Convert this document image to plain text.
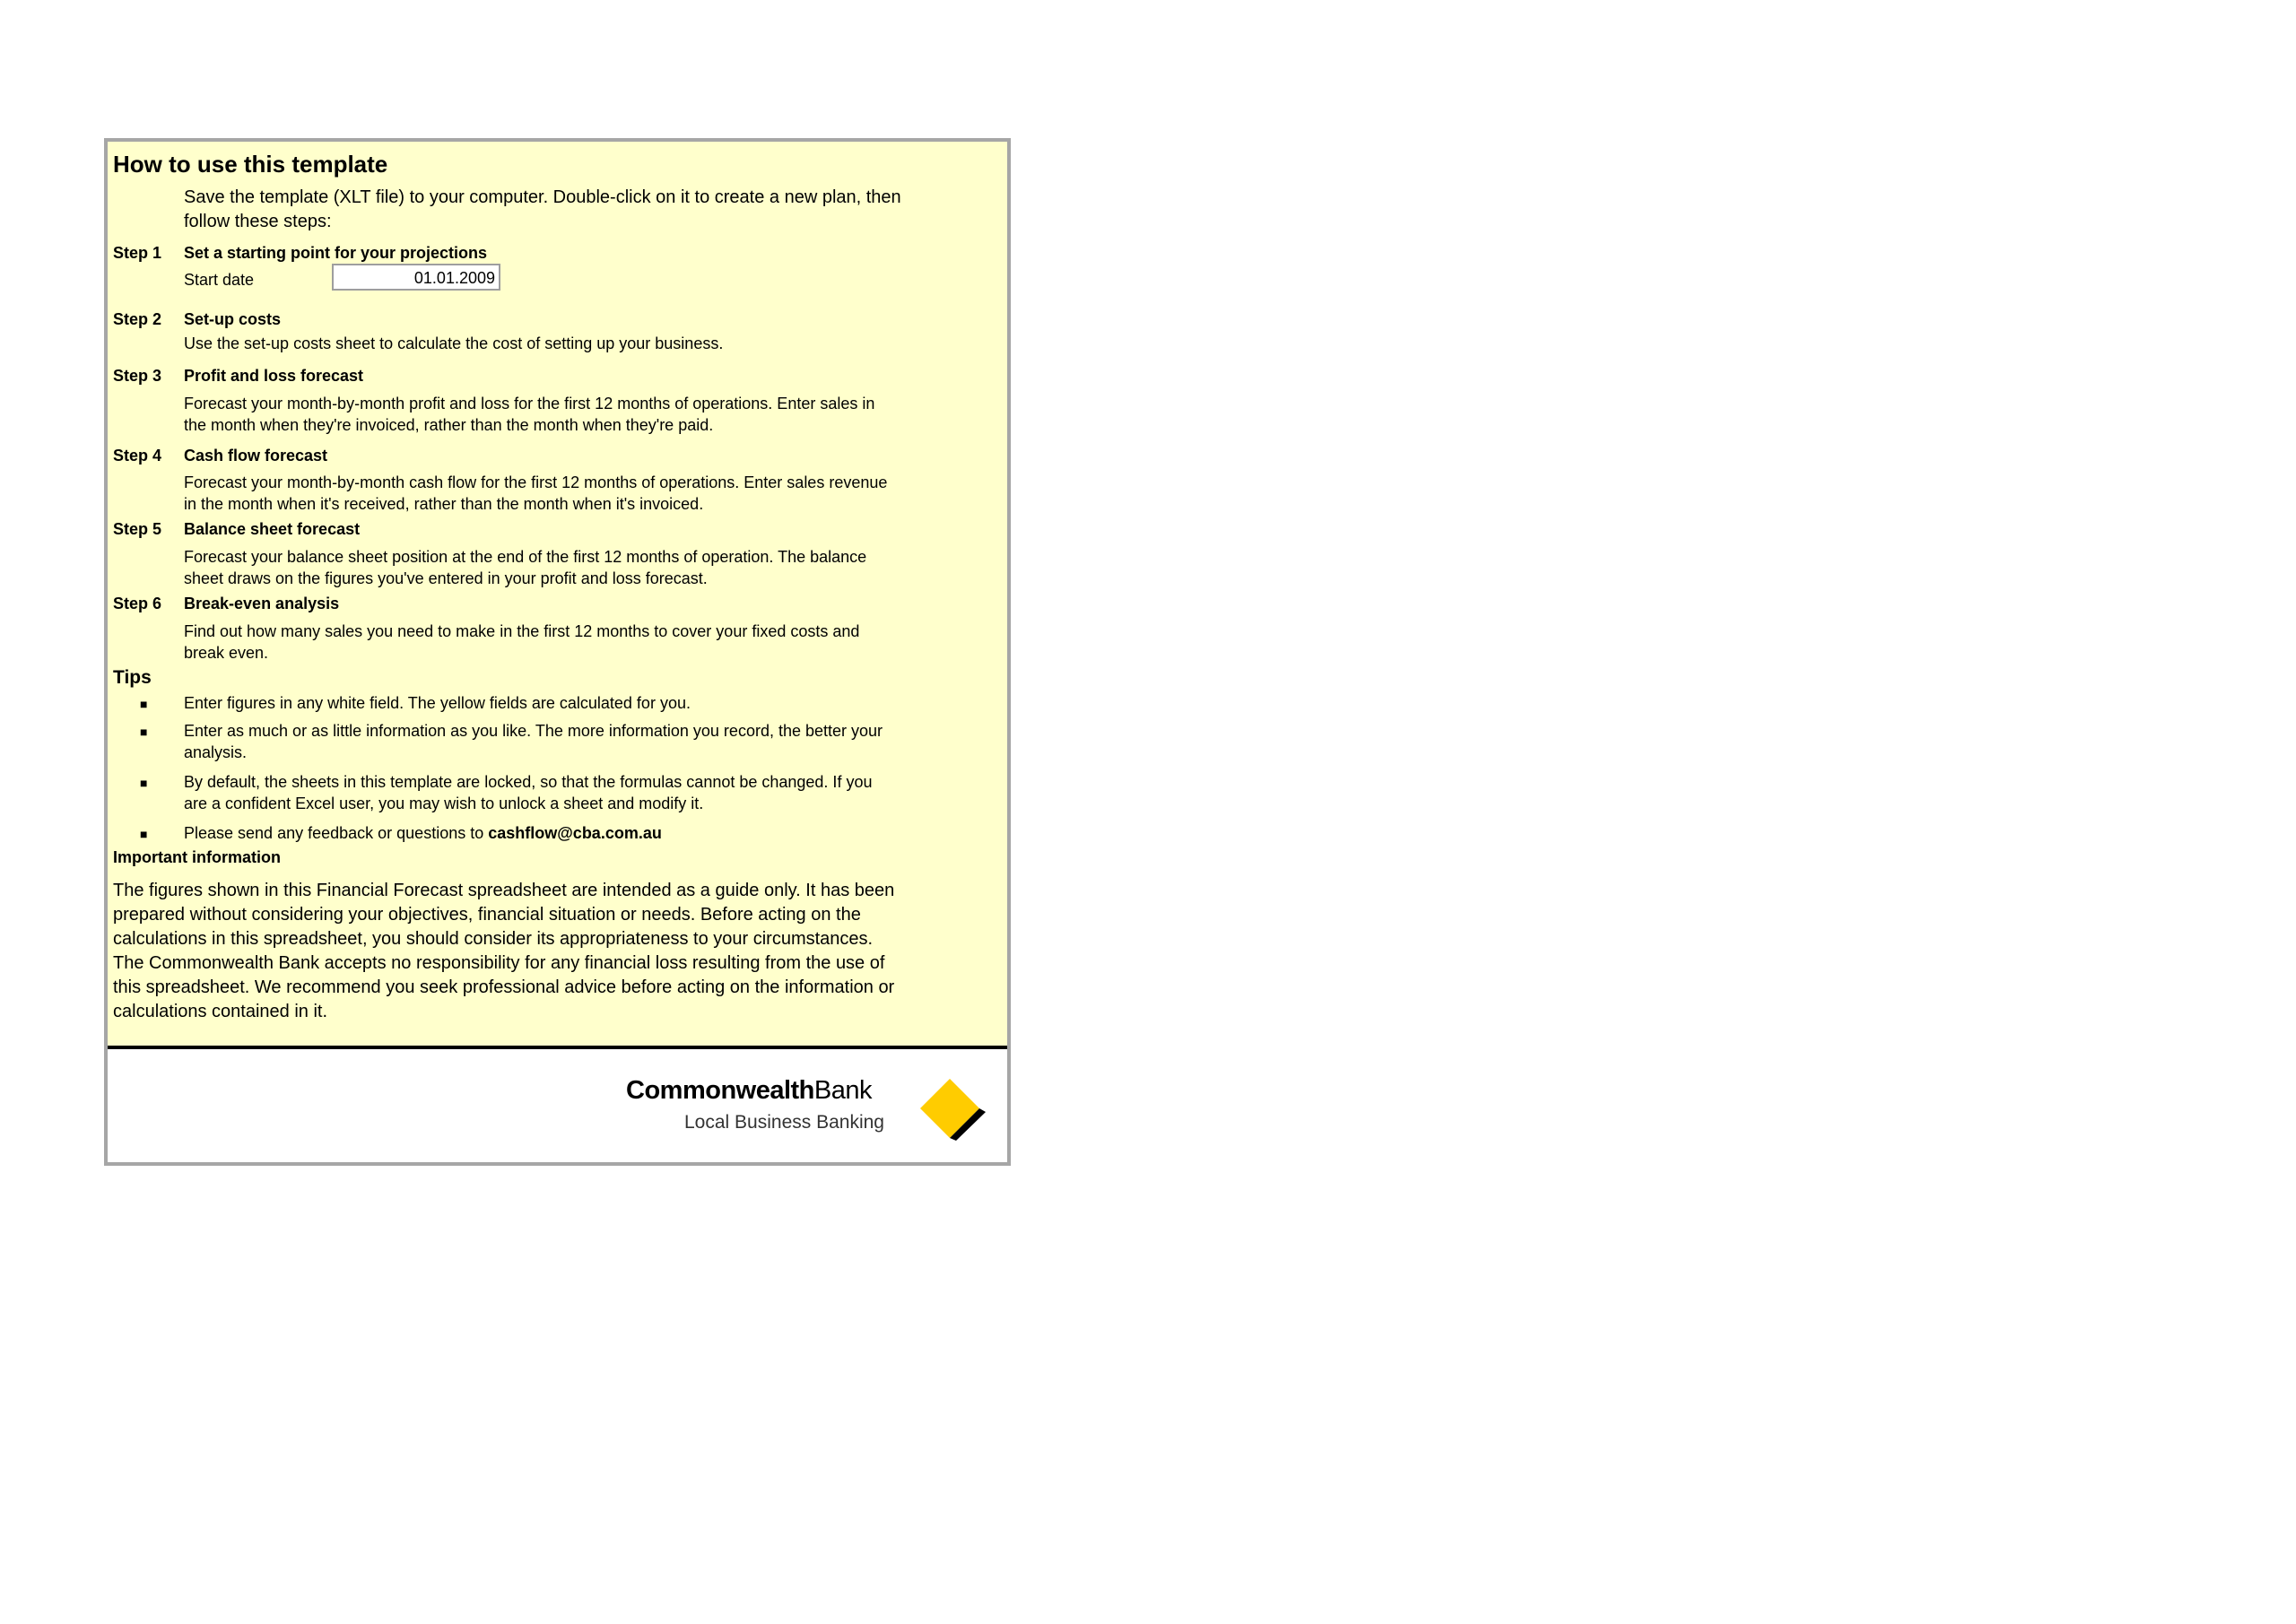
How to use this template
Save the template (XLT file) to your computer. Double-click on it to create a new plan, then
follow these steps:
Step 1 Set a starting point for your projections
Start date	01.01.2009
Step 2 Set-up costs
Use the set-up costs sheet to calculate the cost of setting up your business.
Step 3 Profit and loss forecast
Forecast your month-by-month profit and loss for the first 12 months of operations. Enter sales in
the month when they're invoiced, rather than the month when they're paid.
Step 4 Cash flow forecast
Forecast your month-by-month cash flow for the first 12 months of operations. Enter sales revenue
in the month when it's received, rather than the month when it's invoiced.
Step 5 Balance sheet forecast
Forecast your balance sheet position at the end of the first 12 months of operation. The balance
sheet draws on the figures you've entered in your profit and loss forecast.
Step 6 Break-even analysis
Find out how many sales you need to make in the first 12 months to cover your fixed costs and
break even.
Tips
■ Enter figures in any white field. The yellow fields are calculated for you.
■ Enter as much or as little information as you like. The more information you record, the better your
analysis.
■ By default, the sheets in this template are locked, so that the formulas cannot be changed. If you
are a confident Excel user, you may wish to unlock a sheet and modify it.
■ Please send any feedback or questions to cashflow@cba.com.au
Important information
The figures shown in this Financial Forecast spreadsheet are intended as a guide only. It has been
prepared without considering your objectives, financial situation or needs. Before acting on the
calculations in this spreadsheet, you should consider its appropriateness to your circumstances.
The Commonwealth Bank accepts no responsibility for any financial loss resulting from the use of
this spreadsheet. We recommend you seek professional advice before acting on the information or
calculations contained in it.
CommonwealthBank
Local Business Banking
